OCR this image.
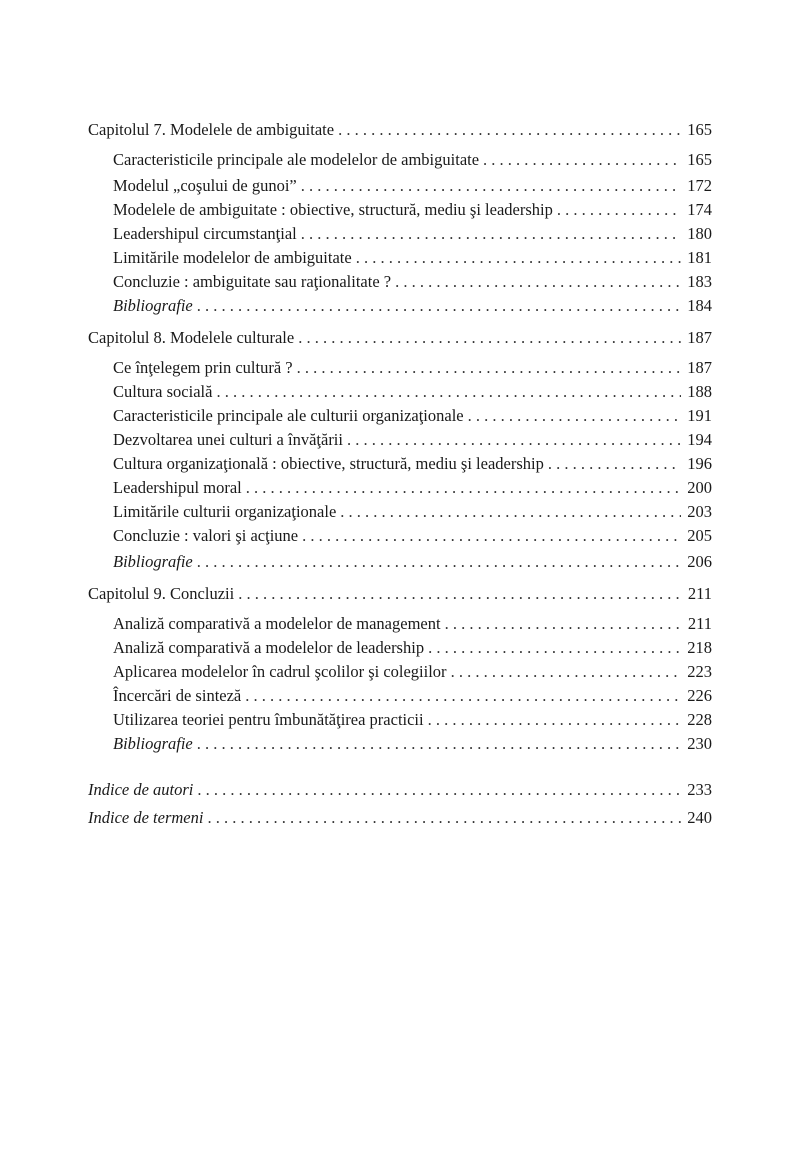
Capitolul 7. Modelele de ambiguitate . . .	165
Caracteristicile principale ale modelelor de ambiguitate . . .	165
Modelul „coşului de gunoi” . . .	172
Modelele de ambiguitate : obiective, structură, mediu şi leadership . . .	174
Leadershipul circumstanţial . . .	180
Limitările modelelor de ambiguitate . . .	181
Concluzie : ambiguitate sau raţionalitate ? . . .	183
Bibliografie . . .	184
Capitolul 8. Modelele culturale . . .	187
Ce înţelegem prin cultură ? . . .	187
Cultura socială . . .	188
Caracteristicile principale ale culturii organizaţionale . . .	191
Dezvoltarea unei culturi a învăţării . . .	194
Cultura organizaţională : obiective, structură, mediu şi leadership . . .	196
Leadershipul moral . . .	200
Limitările culturii organizaţionale . . .	203
Concluzie : valori şi acţiune . . .	205
Bibliografie . . .	206
Capitolul 9. Concluzii . . .	211
Analiză comparativă a modelelor de management . . .	211
Analiză comparativă a modelelor de leadership . . .	218
Aplicarea modelelor în cadrul şcolilor şi colegiilor . . .	223
Încercări de sinteză . . .	226
Utilizarea teoriei pentru îmbunătăţirea practicii . . .	228
Bibliografie . . .	230
Indice de autori . . .	233
Indice de termeni . . .	240
